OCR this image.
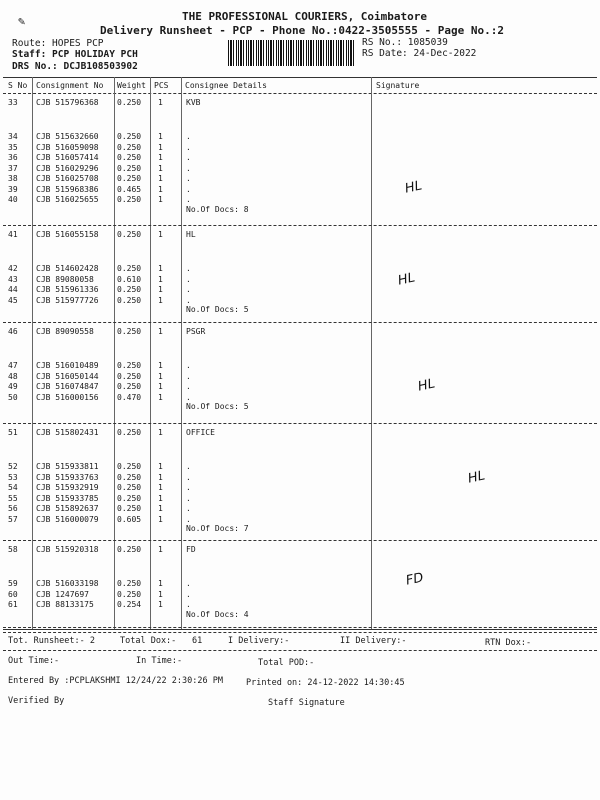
✎	THE PROFESSIONAL COURIERS, Coimbatore
Delivery Runsheet - PCP - Phone No.:0422-3505555 - Page No.:2
Route: HOPES PCP
Staff: PCP HOLIDAY PCH
DRS No.: DCJB108503902
RS No.: 1085039
RS Date: 24-Dec-2022
S No Consignment No Weight PCS Consignee Details	Signature
33 CJB 515796368 0.250 1	KVB
34 CJB 515632660 0.250 1	.
35 CJB 516059098 0.250 1	.
36 CJB 516057414 0.250 1	.
37 CJB 516029296 0.250 1	.
38 CJB 516025708 0.250 1	.
39 CJB 515968386 0.465 1	.
40 CJB 516025655 0.250 1	.
No.Of Docs: 8
HL
41 CJB 516055158 0.250 1	HL
42 CJB 514602428 0.250 1	.
43 CJB 89080058	0.610 1	.
44 CJB 515961336 0.250 1	.
45 CJB 515977726 0.250 1	.
No.Of Docs: 5
HL
46 CJB 89090558	0.250 1	PSGR
47 CJB 516010489 0.250 1	.
48 CJB 516050144 0.250 1	.
49 CJB 516074847 0.250 1	.
50 CJB 516000156 0.470 1	.
No.Of Docs: 5
HL
51 CJB 515802431 0.250 1	OFFICE
52 CJB 515933811 0.250 1	.
53 CJB 515933763 0.250 1	.
54 CJB 515932919 0.250 1	.
55 CJB 515933785 0.250 1	.
56 CJB 515892637 0.250 1	.
57 CJB 516000079 0.605 1	.
No.Of Docs: 7
HL
58 CJB 515920318 0.250 1	FD
59 CJB 516033198 0.250 1	.
60 CJB 1247697	0.250 1	.
61 CJB 88133175	0.254 1	.
No.Of Docs: 4
FD
Tot. Runsheet:- 2	Total Dox:- 61	I Delivery:-	II Delivery:-	RTN Dox:-
Out Time:-	In Time:-	Total POD:-
Entered By :PCPLAKSHMI 12/24/22 2:30:26 PM	Printed on: 24-12-2022 14:30:45
Verified By	Staff Signature
